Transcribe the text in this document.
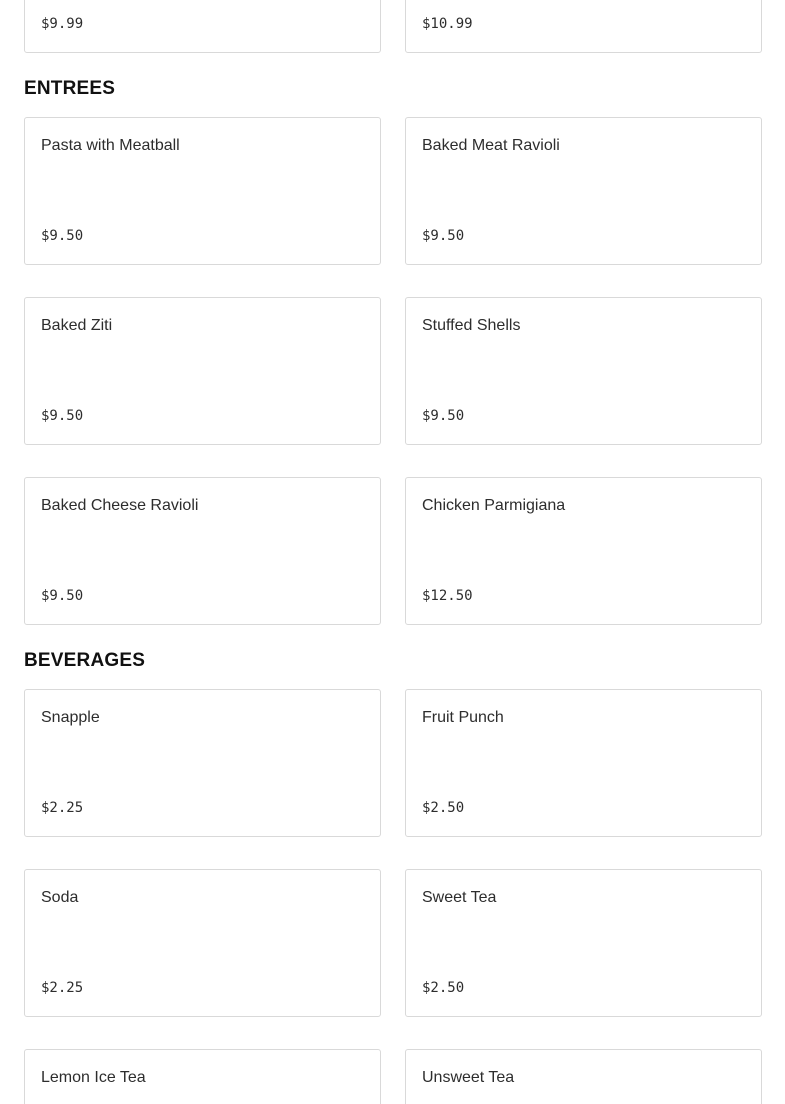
$9.99	$10.99
ENTREES
Pasta with Meatball
$9.50
Baked Meat Ravioli
$9.50
Baked Ziti
$9.50
Stuffed Shells
$9.50
Baked Cheese Ravioli
$9.50
Chicken Parmigiana
$12.50
BEVERAGES
Snapple
$2.25
Fruit Punch
$2.50
Soda
$2.25
Sweet Tea
$2.50
Lemon Ice Tea	Unsweet Tea
